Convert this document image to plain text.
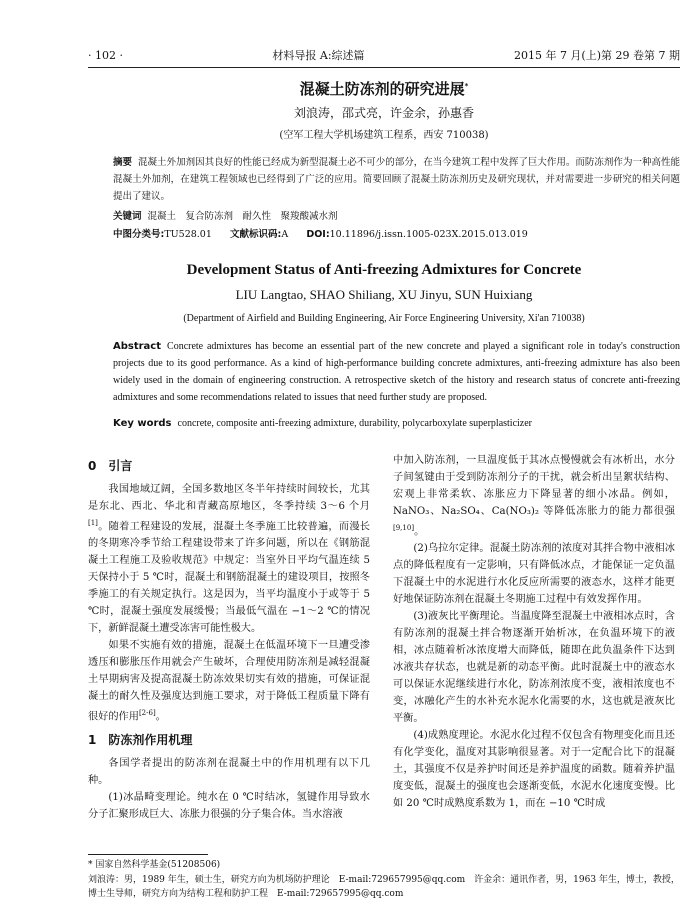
· 102 ·	材料导报 A:综述篇	2015 年 7 月(上)第 29 卷第 7 期
混凝土防冻剂的研究进展*
刘浪涛，邵式亮，许金余，孙惠香
(空军工程大学机场建筑工程系，西安 710038)
摘要 混凝土外加剂因其良好的性能已经成为新型混凝土必不可少的部分，在当今建筑工程中发挥了巨大作用。而防冻剂作为一种高性能混凝土外加剂，在建筑工程领域也已经得到了广泛的应用。简要回顾了混凝土防冻剂历史及研究现状，并对需要进一步研究的相关问题提出了建议。
关键词 混凝土　复合防冻剂　耐久性　聚羧酸减水剂
中图分类号:TU528.01 文献标识码:A DOI:10.11896/j.issn.1005-023X.2015.013.019
Development Status of Anti-freezing Admixtures for Concrete
LIU Langtao, SHAO Shiliang, XU Jinyu, SUN Huixiang
(Department of Airfield and Building Engineering, Air Force Engineering University, Xi'an 710038)
Abstract Concrete admixtures has become an essential part of the new concrete and played a significant role in today's construction projects due to its good performance. As a kind of high-performance building concrete admixtures, anti-freezing admixture has also been widely used in the domain of engineering construction. A retrospective sketch of the history and research status of concrete anti-freezing admixtures and some recommendations related to issues that need further study are proposed.
Key words concrete, composite anti-freezing admixture, durability, polycarboxylate superplasticizer
0 引言

我国地域辽阔，全国多数地区冬半年持续时间较长，尤其是东北、西北、华北和青藏高原地区，冬季持续 3～6 个月[1]。随着工程建设的发展，混凝土冬季施工比较普遍，而漫长的冬期寒冷季节给工程建设带来了许多问题，所以在《钢筋混凝土工程施工及验收规范》中规定：当室外日平均气温连续 5 天保持小于 5 ℃时，混凝土和钢筋混凝土的建设项目，按照冬季施工的有关规定执行。这是因为，当平均温度小于或等于 5 ℃时，混凝土强度发展缓慢；当最低气温在 −1～2 ℃的情况下，新鲜混凝土遭受冻害可能性极大。

如果不实施有效的措施，混凝土在低温环境下一旦遭受渗透压和膨胀压作用就会产生破坏，合理使用防冻剂是减轻混凝土早期病害及提高混凝土防冻效果切实有效的措施，可保证混凝土的耐久性及强度达到施工要求，对于降低工程质量下降有很好的作用[2-6]。

1 防冻剂作用机理

各国学者提出的防冻剂在混凝土中的作用机理有以下几种。

(1)冰晶畸变理论。纯水在 0 ℃时结冰，氢键作用导致水分子汇聚形成巨大、冻胀力很强的分子集合体。当水溶液

中加入防冻剂，一旦温度低于其冰点慢慢就会有冰析出，水分子间氢键由于受到防冻剂分子的干扰，就会析出呈絮状结构、宏观上非常柔软、冻胀应力下降显著的细小冰晶。例如，NaNO₃、Na₂SO₄、Ca(NO₃)₂ 等降低冻胀力的能力都很强[9,10]。

(2)乌拉尔定律。混凝土防冻剂的浓度对其拌合物中液相冰点的降低程度有一定影响，只有降低冰点，才能保证一定负温下混凝土中的水泥进行水化反应所需要的液态水，这样才能更好地保证防冻剂在混凝土冬期施工过程中有效发挥作用。

(3)液灰比平衡理论。当温度降至混凝土中液相冰点时，含有防冻剂的混凝土拌合物逐渐开始析冰，在负温环境下的液相，冰点随着析冰浓度增大而降低，随即在此负温条件下达到冰液共存状态，也就是新的动态平衡。此时混凝土中的液态水可以保证水泥继续进行水化，防冻剂浓度不变，液相浓度也不变，冰融化产生的水补充水泥水化需要的水，这也就是液灰比平衡。

(4)成熟度理论。水泥水化过程不仅包含有物理变化而且还有化学变化，温度对其影响很显著。对于一定配合比下的混凝土，其强度不仅是养护时间还是养护温度的函数。随着养护温度变低，混凝土的强度也会逐渐变低，水泥水化速度变慢。比如 20 ℃时成熟度系数为 1，而在 −10 ℃时成

* 国家自然科学基金(51208506)
刘浪涛：男，1989 年生，硕士生，研究方向为机场防护理论　E-mail:729657995@qq.com　许金余：通讯作者，男，1963 年生，博士，教授，博士生导师，研究方向为结构工程和防护工程　E-mail:729657995@qq.com
